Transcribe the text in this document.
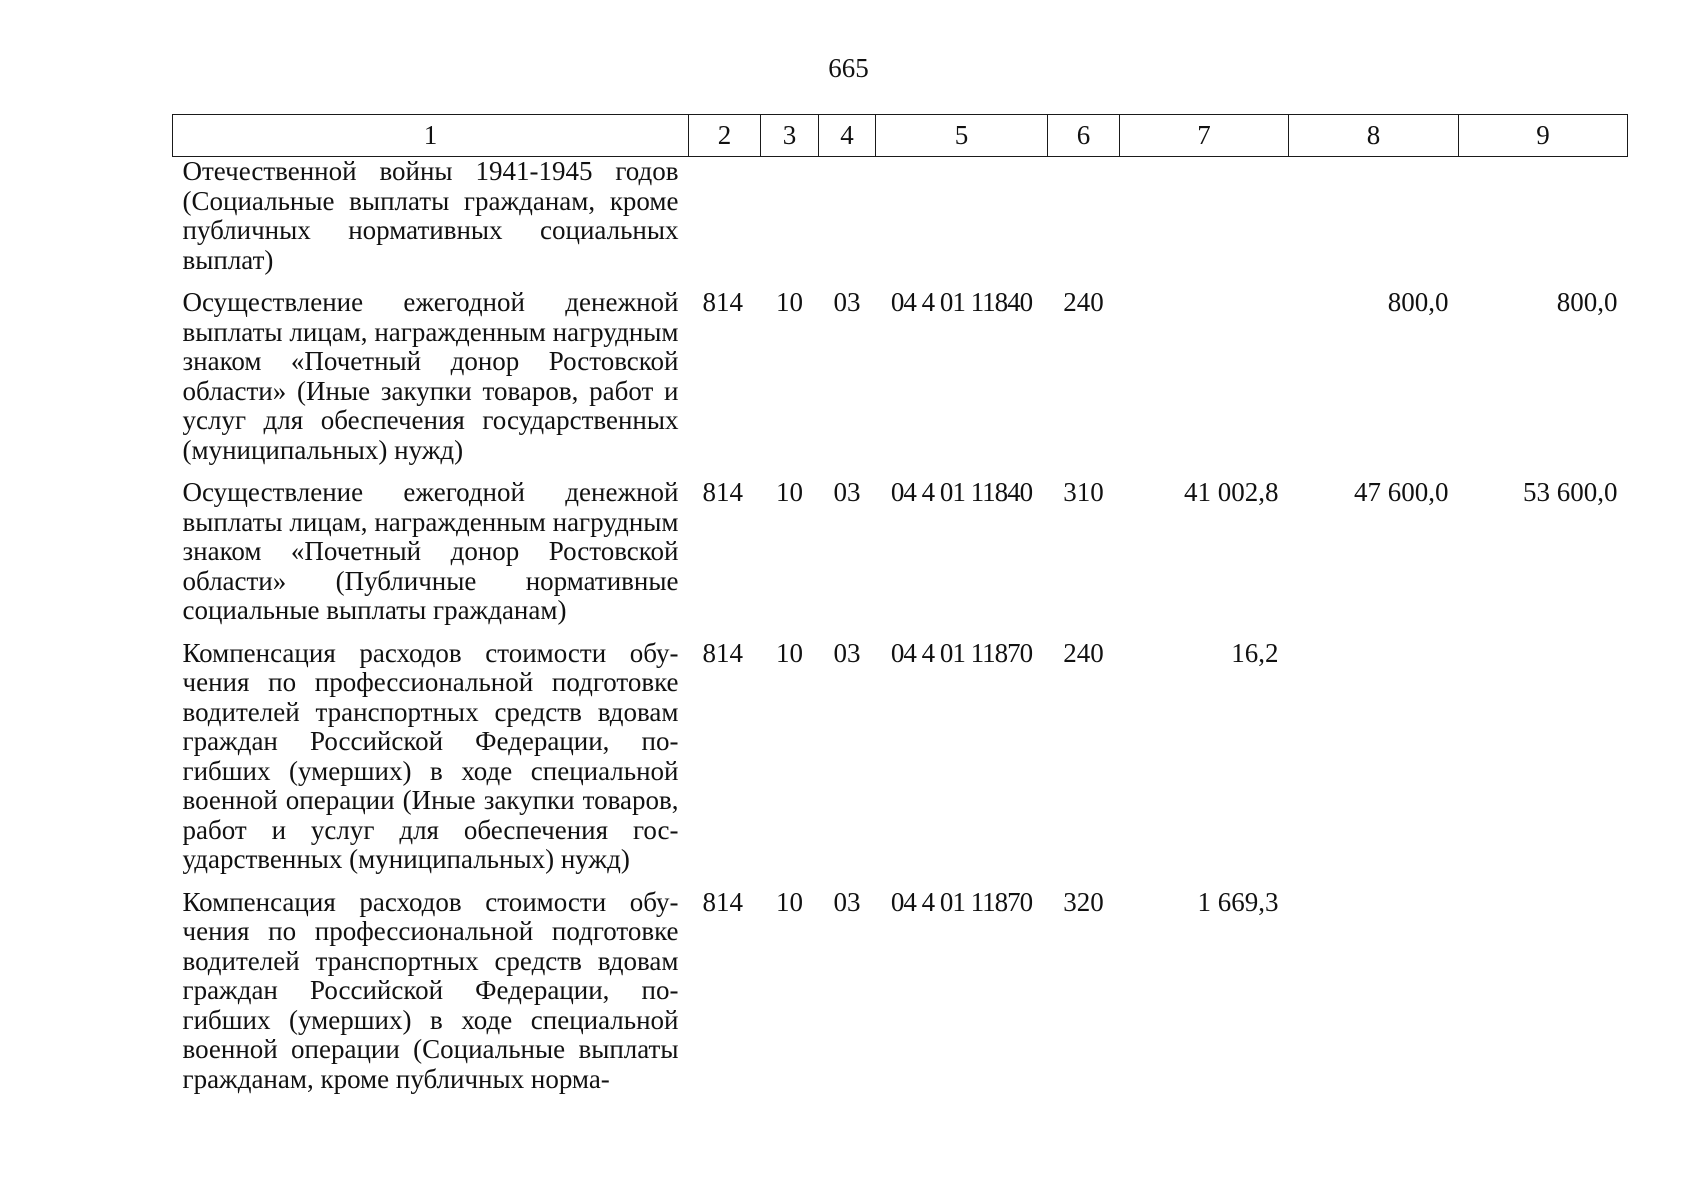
665
1	2	3	4	5	6	7	8	9
Отечественной войны 1941-1945 годов (Социальные выплаты гражданам, кроме публичных нормативных социальных выплат)								
Осуществление ежегодной денежной выплаты лицам, награжденным нагрудным знаком «Почетный донор Ростовской области» (Иные закупки товаров, работ и услуг для обеспечения государственных (муниципальных) нужд)	814	10	03	04 4 01 11840	240		800,0	800,0
Осуществление ежегодной денежной выплаты лицам, награжденным нагрудным знаком «Почетный донор Ростовской области» (Публичные нормативные социальные выплаты гражданам)	814	10	03	04 4 01 11840	310	41 002,8	47 600,0	53 600,0
Компенсация расходов стоимости обучения по профессиональной подготовке водителей транспортных средств вдовам граждан Российской Федерации, погибших (умерших) в ходе специальной военной операции (Иные закупки товаров, работ и услуг для обеспечения государственных (муниципальных) нужд)	814	10	03	04 4 01 11870	240	16,2		
Компенсация расходов стоимости обучения по профессиональной подготовке водителей транспортных средств вдовам граждан Российской Федерации, погибших (умерших) в ходе специальной военной операции (Социальные выплаты гражданам, кроме публичных норма-	814	10	03	04 4 01 11870	320	1 669,3		
